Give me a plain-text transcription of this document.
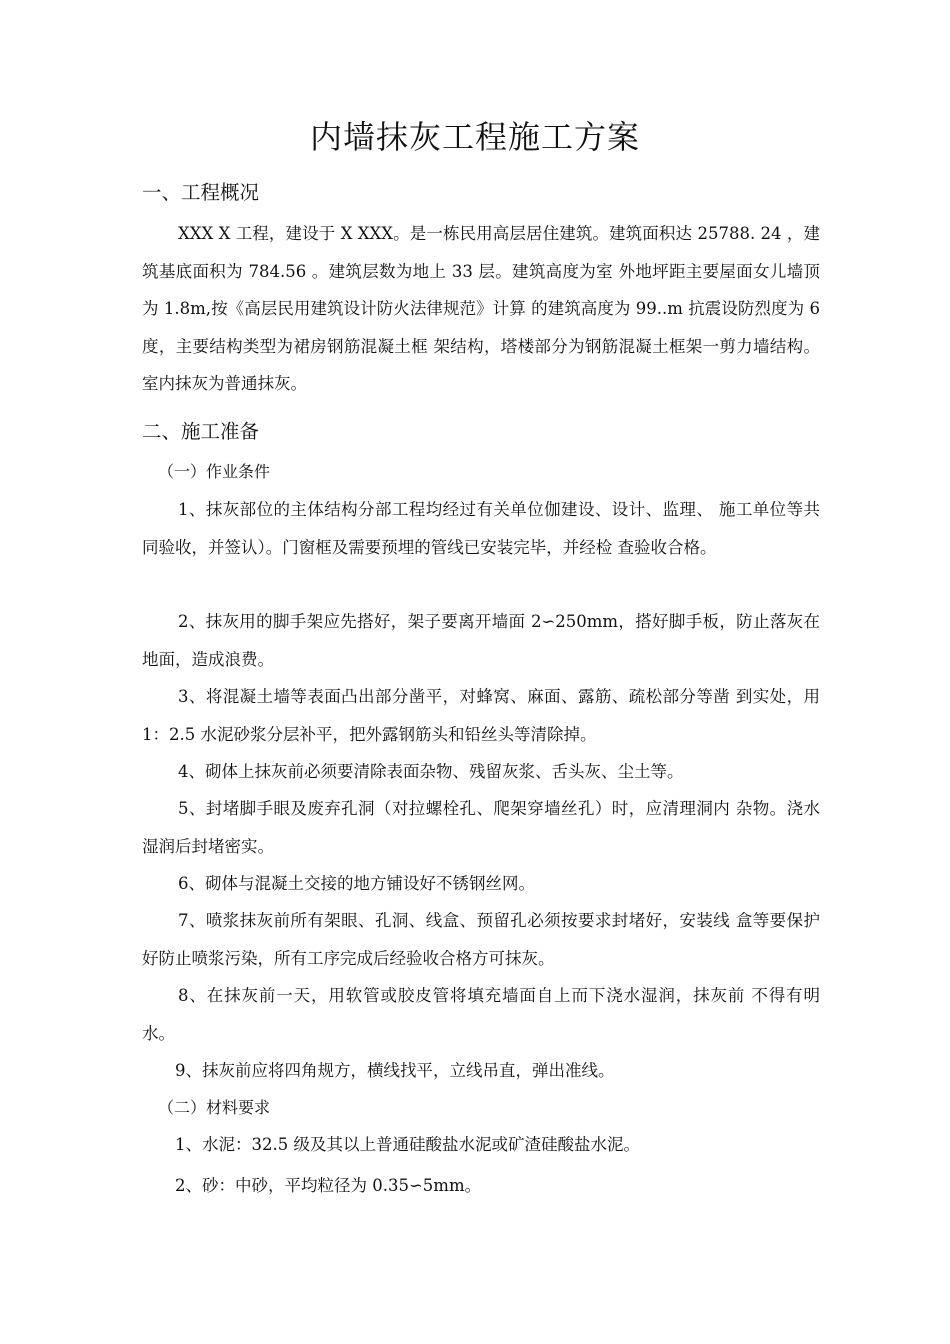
内墙抹灰工程施工方案
一、工程概况
XXX X 工程，建设于 X XXX。是一栋民用高层居住建筑。建筑面积达 25788. 24 ，建筑基底面积为 784.56 。建筑层数为地上 33 层。建筑高度为室 外地坪距主要屋面女儿墙顶为 1.8m,按《高层民用建筑设计防火法律规范》计算 的建筑高度为 99..m 抗震设防烈度为 6 度，主要结构类型为裙房钢筋混凝土框 架结构，塔楼部分为钢筋混凝土框架一剪力墙结构。室内抹灰为普通抹灰。
二、施工准备
（一）作业条件
1、抹灰部位的主体结构分部工程均经过有关单位伽建设、设计、监理、 施工单位等共同验收，并签认）。门窗框及需要预埋的管线已安装完毕，并经检 查验收合格。
2、抹灰用的脚手架应先搭好，架子要离开墙面 2∽250mm，搭好脚手板，防止落灰在地面，造成浪费。
3、将混凝土墙等表面凸出部分凿平，对蜂窝、麻面、露筋、疏松部分等凿 到实处，用 1：2.5 水泥砂浆分层补平，把外露钢筋头和铅丝头等清除掉。
4、砌体上抹灰前必须要清除表面杂物、残留灰浆、舌头灰、尘土等。
5、封堵脚手眼及废弃孔洞（对拉螺栓孔、爬架穿墙丝孔）时，应清理洞内 杂物。浇水湿润后封堵密实。
6、砌体与混凝土交接的地方铺设好不锈钢丝网。
7、喷浆抹灰前所有架眼、孔洞、线盒、预留孔必须按要求封堵好，安装线 盒等要保护好防止喷浆污染，所有工序完成后经验收合格方可抹灰。
8、在抹灰前一天，用软管或胶皮管将填充墙面自上而下浇水湿润，抹灰前 不得有明水。
9、抹灰前应将四角规方，横线找平，立线吊直，弹出准线。
（二）材料要求
1、水泥：32.5 级及其以上普通硅酸盐水泥或矿渣硅酸盐水泥。
2、砂：中砂，平均粒径为 0.35∽5mm。
